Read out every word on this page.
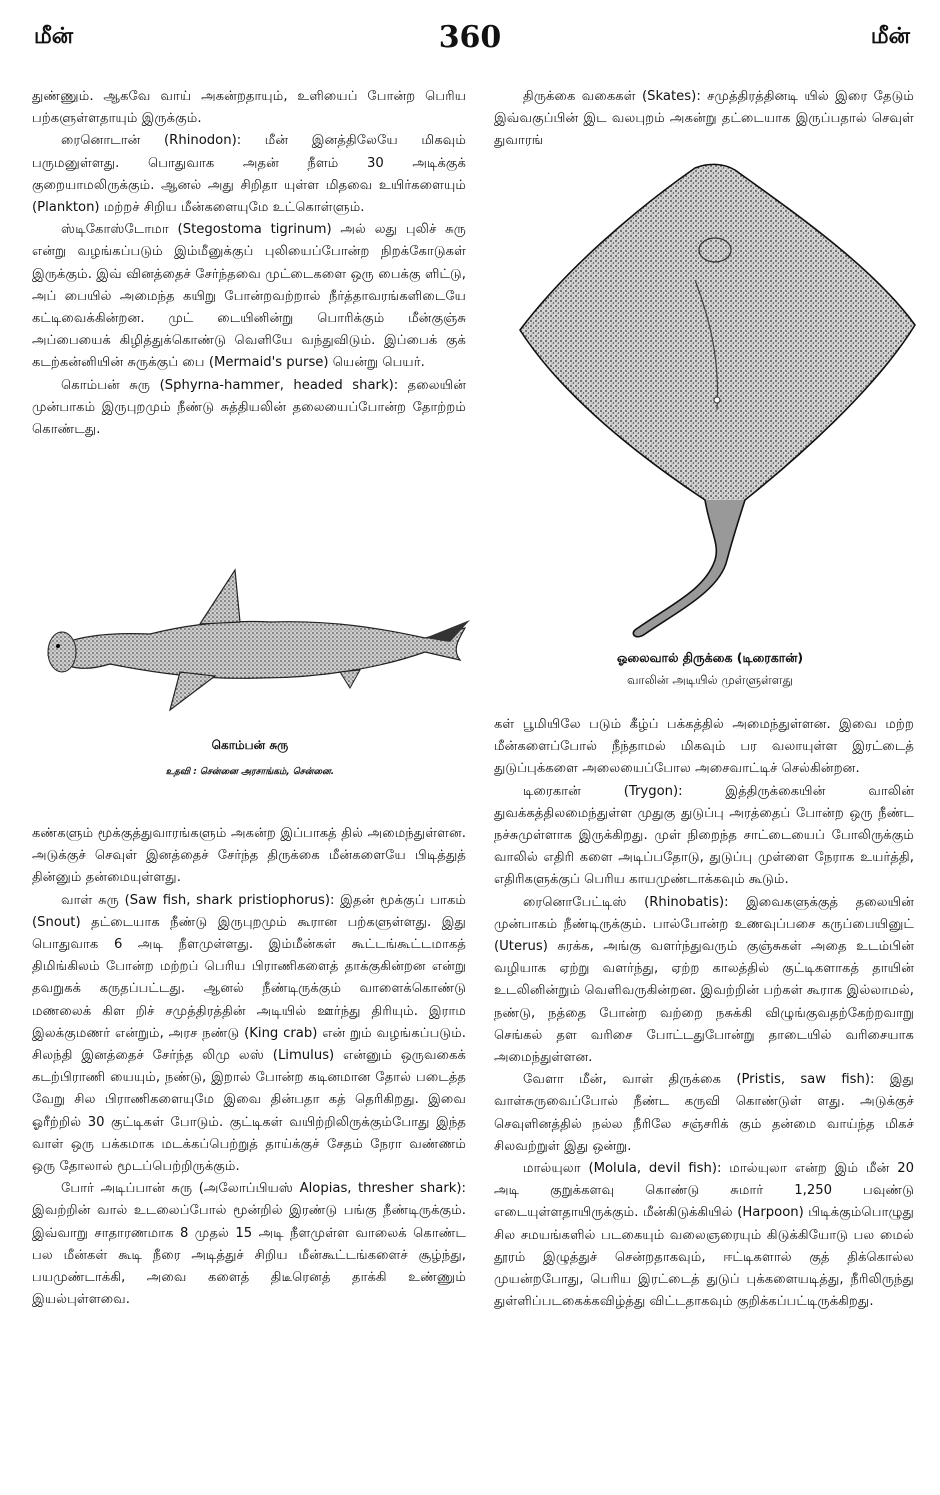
மீன்	360	மீன்

துண்ணும். ஆகவே வாய் அகன்றதாயும், உளியைப் போன்ற பெரிய பற்களுள்ளதாயும் இருக்கும்.

ரைனொடான் (Rhinodon): மீன் இனத்திலேயே மிகவும் பருமனுள்ளது. பொதுவாக அதன் நீளம் 30 அடிக்குக் குறையாமலிருக்கும். ஆனல் அது சிறிதா யுள்ள மிதவை உயிர்களையும் (Plankton) மற்றச் சிறிய மீன்களையுமே உட்கொள்ளும்.

ஸ்டிகோஸ்டோமா (Stegostoma tigrinum) அல் லது புலிச் சுரு என்று வழங்கப்படும் இம்மீனுக்குப் புலியைப்போன்ற நிறக்கோடுகள் இருக்கும். இவ் வினத்தைச் சேர்ந்தவை முட்டைகளை ஒரு பைக்கு ளிட்டு, அப் பையில் அமைந்த கயிறு போன்றவற்றால் நீர்த்தாவரங்களிடையே கட்டிவைக்கின்றன. முட் டையினின்று பொரிக்கும் மீன்குஞ்சு அப்பையைக் கிழித்துக்கொண்டு வெளியே வந்துவிடும். இப்பைக் குக் கடற்கன்னியின் சுருக்குப் பை (Mermaid's purse) யென்று பெயர்.

கொம்பன் சுரு (Sphyrna-hammer, headed shark): தலையின் முன்பாகம் இருபுறமும் நீண்டு சுத்தியலின் தலையைப்போன்ற தோற்றம் கொண்டது.

கொம்பன் சுரு
உதவி : சென்னை அரசாங்கம், சென்னை.

கண்களும் மூக்குத்துவாரங்களும் அகன்ற இப்பாகத் தில் அமைந்துள்ளன. அடுக்குச் செவுள் இனத்தைச் சேர்ந்த திருக்கை மீன்களையே பிடித்துத் தின்னும் தன்மையுள்ளது.

வாள் சுரு (Saw fish, shark pristiophorus): இதன் மூக்குப் பாகம் (Snout) தட்டையாக நீண்டு இருபுறமும் கூரான பற்களுள்ளது. இது பொதுவாக 6 அடி நீளமுள்ளது. இம்மீன்கள் கூட்டங்கூட்டமாகத் திமிங்கிலம் போன்ற மற்றப் பெரிய பிராணிகளைத் தாக்குகின்றன என்று தவறுகக் கருதப்பட்டது. ஆனல் நீண்டிருக்கும் வாளைக்கொண்டு மணலைக் கிள றிச் சமுத்திரத்தின் அடியில் ஊர்ந்து திரியும். இராம இலக்குமணர் என்றும், அரச நண்டு (King crab) என் றும் வழங்கப்படும். சிலந்தி இனத்தைச் சேர்ந்த லிமு லஸ் (Limulus) என்னும் ஒருவகைக் கடற்பிராணி யையும், நண்டு, இறால் போன்ற கடினமான தோல் படைத்த வேறு சில பிராணிகளையுமே இவை தின்பதா கத் தெரிகிறது. இவை ஓரீற்றில் 30 குட்டிகள் போடும். குட்டிகள் வயிற்றிலிருக்கும்போது இந்த வாள் ஒரு பக்கமாக மடக்கப்பெற்றுத் தாய்க்குச் சேதம் நேரா வண்ணம் ஒரு தோலால் மூடப்பெற்றிருக்கும்.

போர் அடிப்பான் சுரு (அலோப்பியஸ் Alopias, thresher shark): இவற்றின் வால் உடலைப்போல் மூன்றில் இரண்டு பங்கு நீண்டிருக்கும். இவ்வாறு சாதாரணமாக 8 முதல் 15 அடி நீளமுள்ள வாலைக் கொண்ட பல மீன்கள் கூடி நீரை அடித்துச் சிறிய மீன்கூட்டங்களைச் சூழ்ந்து, பயமுண்டாக்கி, அவை களைத் திடீரெனத் தாக்கி உண்ணும் இயல்புள்ளவை.

திருக்கை வகைகள் (Skates): சமுத்திரத்தினடி யில் இரை தேடும் இவ்வகுப்பின் இட வலபுறம் அகன்று தட்டையாக இருப்பதால் செவுள் துவாரங்

ஓலைவால் திருக்கை (டிரைகான்)
வாலின் அடியில் முள்ளுள்ளது

கள் பூமியிலே படும் கீழ்ப் பக்கத்தில் அமைந்துள்ளன. இவை மற்ற மீன்களைப்போல் நீந்தாமல் மிகவும் பர வலாயுள்ள இரட்டைத் துடுப்புக்களை அலையைப்போல அசைவாட்டிச் செல்கின்றன.

டிரைகான் (Trygon): இத்திருக்கையின் வாலின் துவக்கத்திலமைந்துள்ள முதுகு துடுப்பு அரத்தைப் போன்ற ஒரு நீண்ட நச்சுமுள்ளாக இருக்கிறது. முள் நிறைந்த சாட்டையைப் போலிருக்கும் வாலில் எதிரி களை அடிப்பதோடு, துடுப்பு முள்ளை நேராக உயர்த்தி, எதிரிகளுக்குப் பெரிய காயமுண்டாக்கவும் கூடும்.

ரைனொபேட்டிஸ் (Rhinobatis): இவைகளுக்குத் தலையின் முன்பாகம் நீண்டிருக்கும். பால்போன்ற உணவுப்பசை கருப்பையினுட் (Uterus) சுரக்க, அங்கு வளர்ந்துவரும் குஞ்சுகள் அதை உடம்பின் வழியாக ஏற்று வளர்ந்து, ஏற்ற காலத்தில் குட்டிகளாகத் தாயின் உடலினின்றும் வெளிவருகின்றன. இவற்றின் பற்கள் கூராக இல்லாமல், நண்டு, நத்தை போன்ற வற்றை நசுக்கி விழுங்குவதற்கேற்றவாறு செங்கல் தள வரிசை போட்டதுபோன்று தாடையில் வரிசையாக அமைந்துள்ளன.

வேளா மீன், வாள் திருக்கை (Pristis, saw fish): இது வாள்சுருவைப்போல் நீண்ட கருவி கொண்டுள் ளது. அடுக்குச் செவுளினத்தில் நல்ல நீரிலே சஞ்சரிக் கும் தன்மை வாய்ந்த மிகச் சிலவற்றுள் இது ஒன்று.

மால்யுலா (Molula, devil fish): மால்யுலா என்ற இம் மீன் 20 அடி குறுக்களவு கொண்டு சுமார் 1,250 பவுண்டு எடையுள்ளதாயிருக்கும். மீன்கிடுக்கியில் (Harpoon) பிடிக்கும்பொழுது சில சமயங்களில் படகையும் வலைஞரையும் கிடுக்கியோடு பல மைல் தூரம் இழுத்துச் சென்றதாகவும், ஈட்டிகளால் குத் திக்கொல்ல முயன்றபோது, பெரிய இரட்டைத் துடுப் புக்களையடித்து, நீரிலிருந்து துள்ளிப்படகைக்கவிழ்த்து விட்டதாகவும் குறிக்கப்பட்டிருக்கிறது.
